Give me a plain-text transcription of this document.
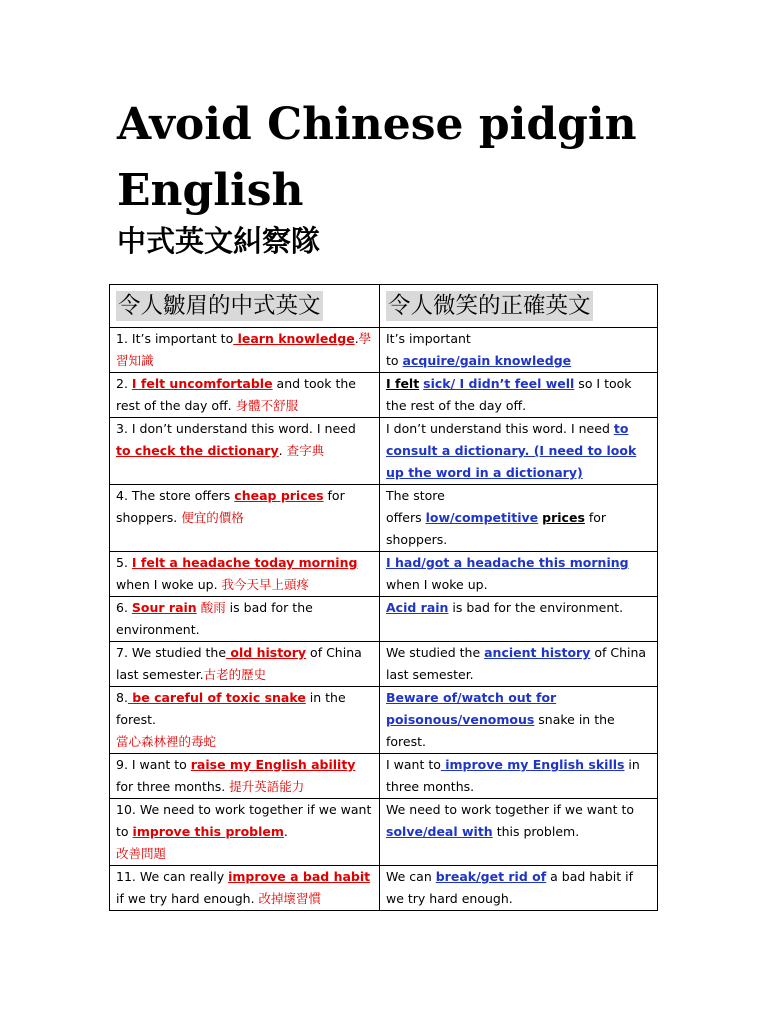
Avoid Chinese pidgin English
中式英文糾察隊
令人皺眉的中式英文	令人微笑的正確英文
1. It’s important to learn knowledge.學習知識	It’s important
to acquire/gain knowledge
2. I felt uncomfortable and took the rest of the day off. 身體不舒服	I felt sick/ I didn’t feel well so I took the rest of the day off.
3. I don’t understand this word. I need to check the dictionary. 查字典	I don’t understand this word. I need to consult a dictionary. (I need to look up the word in a dictionary)
4. The store offers cheap prices for shoppers. 便宜的價格	The store
offers low/competitive prices for shoppers.
5. I felt a headache today morning when I woke up. 我今天早上頭疼	I had/got a headache this morning when I woke up.
6. Sour rain 酸雨 is bad for the environment.	Acid rain is bad for the environment.
7. We studied the old history of China last semester.古老的歷史	We studied the ancient history of China last semester.
8. be careful of toxic snake in the forest.
當心森林裡的毒蛇	Beware of/watch out for poisonous/venomous snake in the forest.
9. I want to raise my English ability for three months. 提升英語能力	I want to improve my English skills in three months.
10. We need to work together if we want to improve this problem.
改善問題	We need to work together if we want to solve/deal with this problem.
11. We can really improve a bad habit if we try hard enough. 改掉壞習慣	We can break/get rid of a bad habit if we try hard enough.
